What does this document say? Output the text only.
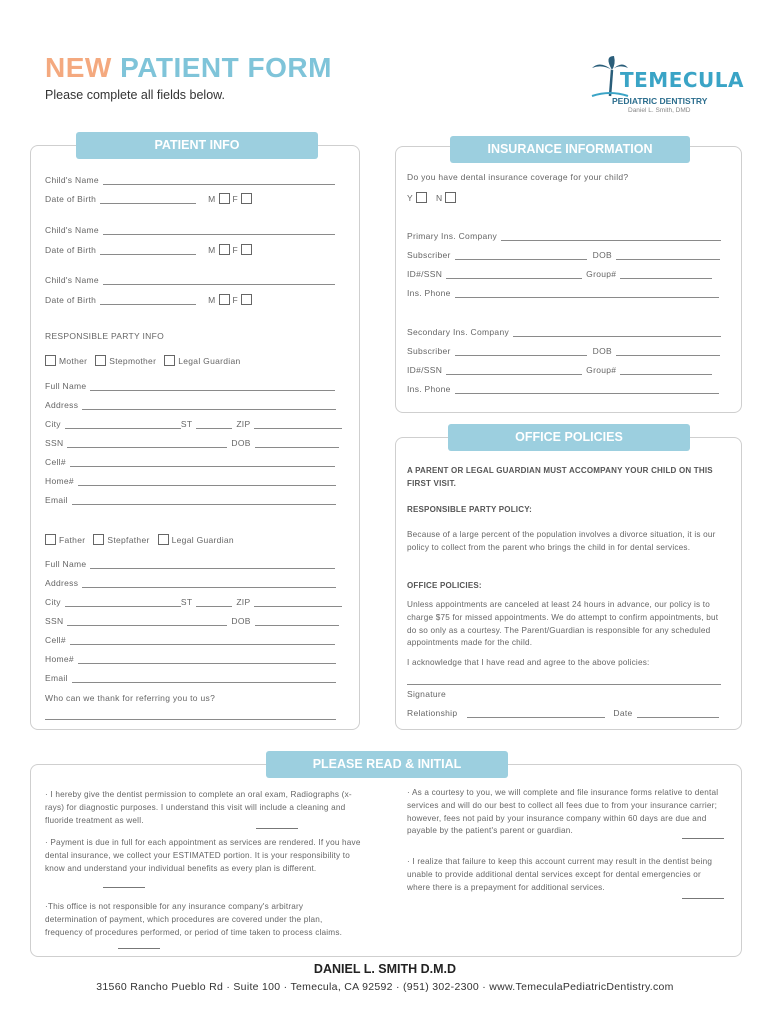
NEW PATIENT FORM
Please complete all fields below.
TEMECULA
PEDIATRIC DENTISTRY
Daniel L. Smith, DMD
PATIENT INFO
Child's Name
Date of Birth	M F
Child's Name
Date of Birth	M F
Child's Name
Date of Birth	M F
RESPONSIBLE PARTY INFO
Mother	Stepmother	Legal Guardian
Full Name
Address
City	ST	ZIP
SSN	DOB
Cell#
Home#
Email
Father	Stepfather	Legal Guardian
Full Name
Address
City	ST	ZIP
SSN	DOB
Cell#
Home#
Email
Who can we thank for referring you to us?
INSURANCE INFORMATION
Do you have dental insurance coverage for your child?
Y	N
Primary Ins. Company
Subscriber	DOB
ID#/SSN	Group#
Ins. Phone
Secondary Ins. Company
Subscriber	DOB
ID#/SSN	Group#
Ins. Phone
OFFICE POLICIES
A PARENT OR LEGAL GUARDIAN MUST ACCOMPANY YOUR CHILD ON THIS FIRST VISIT.
RESPONSIBLE PARTY POLICY:
Because of a large percent of the population involves a divorce situation, it is our policy to collect from the parent who brings the child in for dental services.
OFFICE POLICIES:
Unless appointments are canceled at least 24 hours in advance, our policy is to charge $75 for missed appointments. We do attempt to confirm appointments, but do so only as a courtesy. The Parent/Guardian is responsible for any scheduled appointments made for the child.
I acknowledge that I have read and agree to the above policies:
Signature
Relationship	Date
PLEASE READ & INITIAL
· I hereby give the dentist permission to complete an oral exam, Radiographs (x-rays) for diagnostic purposes. I understand this visit will include a cleaning and fluoride treatment as well.
· Payment is due in full for each appointment as services are rendered. If you have dental insurance, we collect your ESTIMATED portion. It is your responsibility to know and understand your individual benefits as every plan is different.
·This office is not responsible for any insurance company's arbitrary determination of payment, which procedures are covered under the plan, frequency of procedures performed, or period of time taken to process claims.
· As a courtesy to you, we will complete and file insurance forms relative to dental services and will do our best to collect all fees due to from your insurance carrier; however, fees not paid by your insurance company within 60 days are due and payable by the patient's parent or guardian.
· I realize that failure to keep this account current may result in the dentist being unable to provide additional dental services except for dental emergencies or where there is a prepayment for additional services.
DANIEL L. SMITH D.M.D
31560 Rancho Pueblo Rd · Suite 100 · Temecula, CA 92592 · (951) 302-2300 · www.TemeculaPediatricDentistry.com
